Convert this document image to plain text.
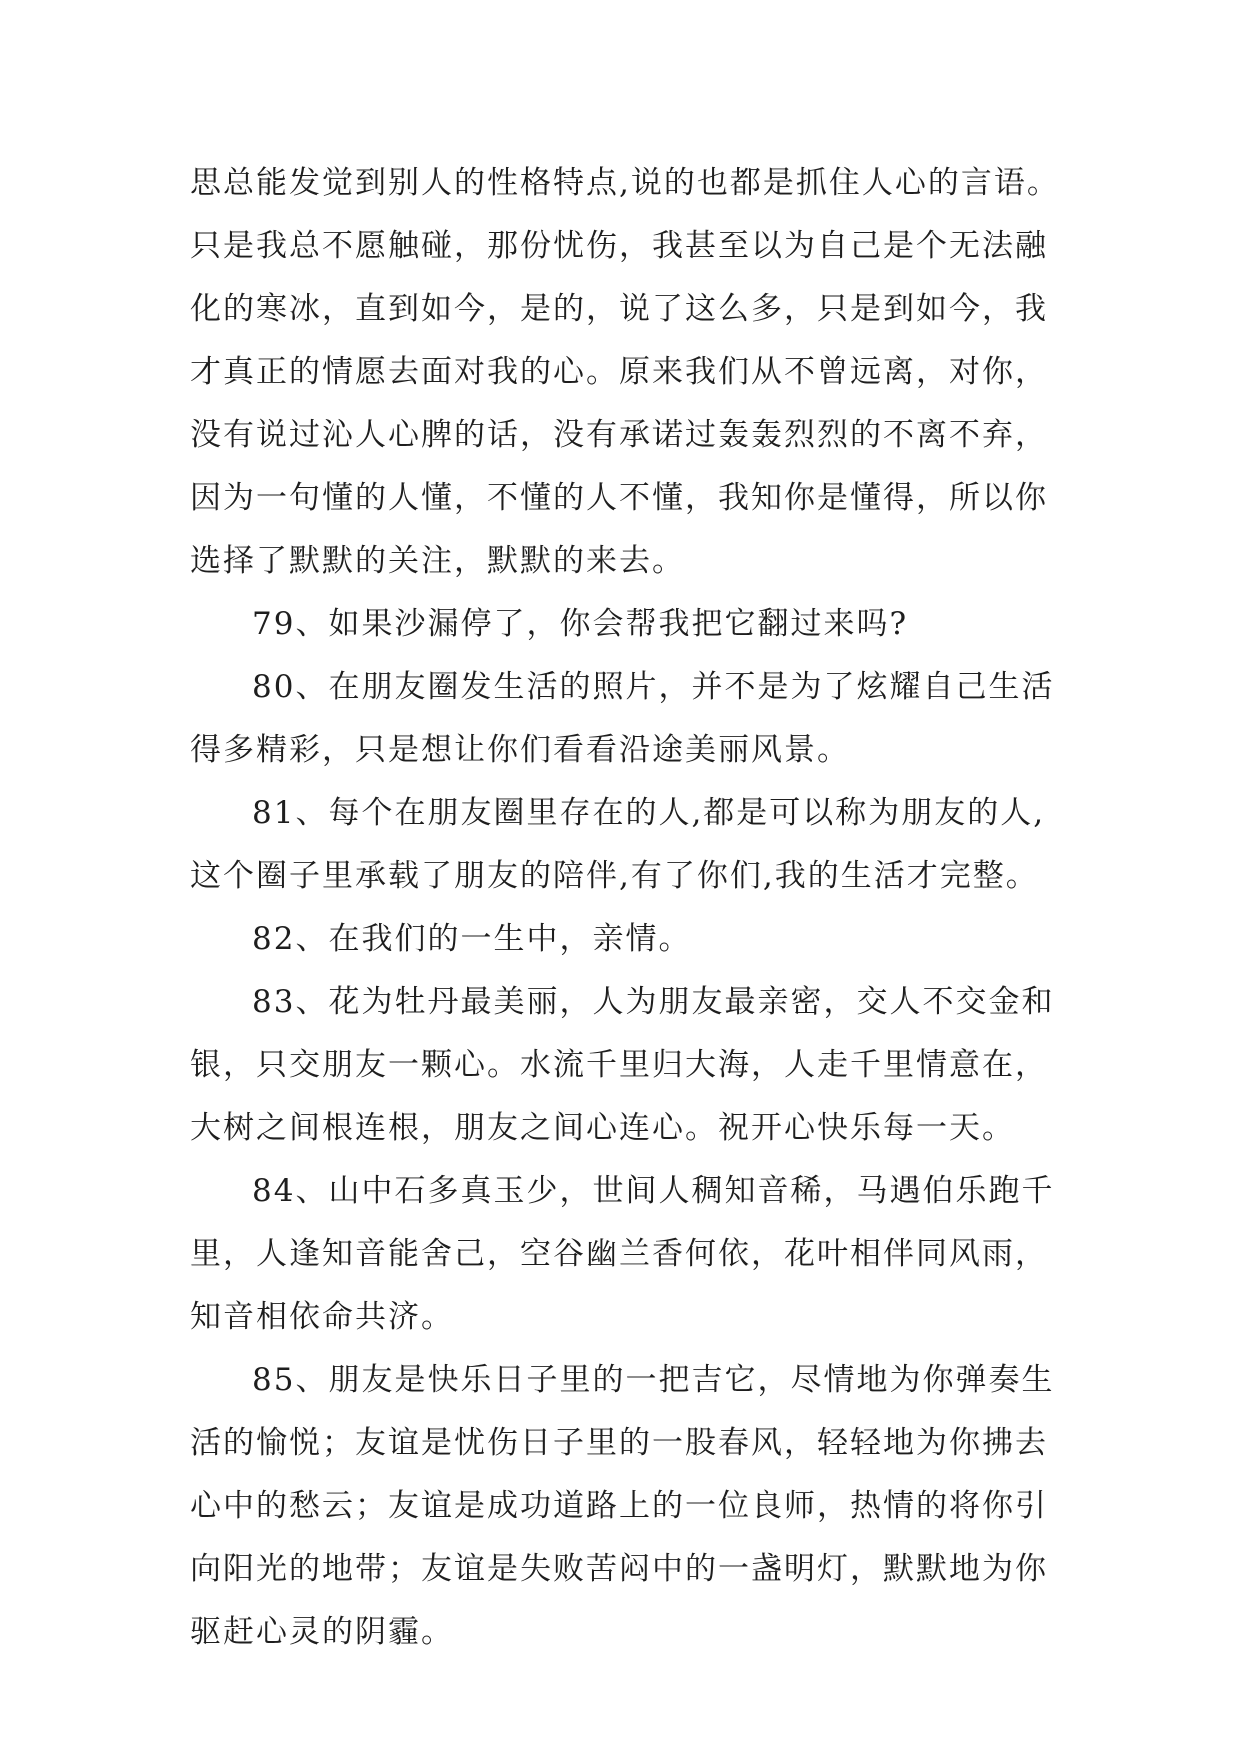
思总能发觉到别人的性格特点,说的也都是抓住人心的言语。
只是我总不愿触碰，那份忧伤，我甚至以为自己是个无法融
化的寒冰，直到如今，是的，说了这么多，只是到如今，我
才真正的情愿去面对我的心。原来我们从不曾远离，对你，
没有说过沁人心脾的话，没有承诺过轰轰烈烈的不离不弃，
因为一句懂的人懂，不懂的人不懂，我知你是懂得，所以你
选择了默默的关注，默默的来去。
79、如果沙漏停了，你会帮我把它翻过来吗?
80、在朋友圈发生活的照片，并不是为了炫耀自己生活
得多精彩，只是想让你们看看沿途美丽风景。
81、每个在朋友圈里存在的人,都是可以称为朋友的人,
这个圈子里承载了朋友的陪伴,有了你们,我的生活才完整。
82、在我们的一生中，亲情。
83、花为牡丹最美丽，人为朋友最亲密，交人不交金和
银，只交朋友一颗心。水流千里归大海，人走千里情意在，
大树之间根连根，朋友之间心连心。祝开心快乐每一天。
84、山中石多真玉少，世间人稠知音稀，马遇伯乐跑千
里，人逢知音能舍己，空谷幽兰香何依，花叶相伴同风雨，
知音相依命共济。
85、朋友是快乐日子里的一把吉它，尽情地为你弹奏生
活的愉悦；友谊是忧伤日子里的一股春风，轻轻地为你拂去
心中的愁云；友谊是成功道路上的一位良师，热情的将你引
向阳光的地带；友谊是失败苦闷中的一盏明灯，默默地为你
驱赶心灵的阴霾。
